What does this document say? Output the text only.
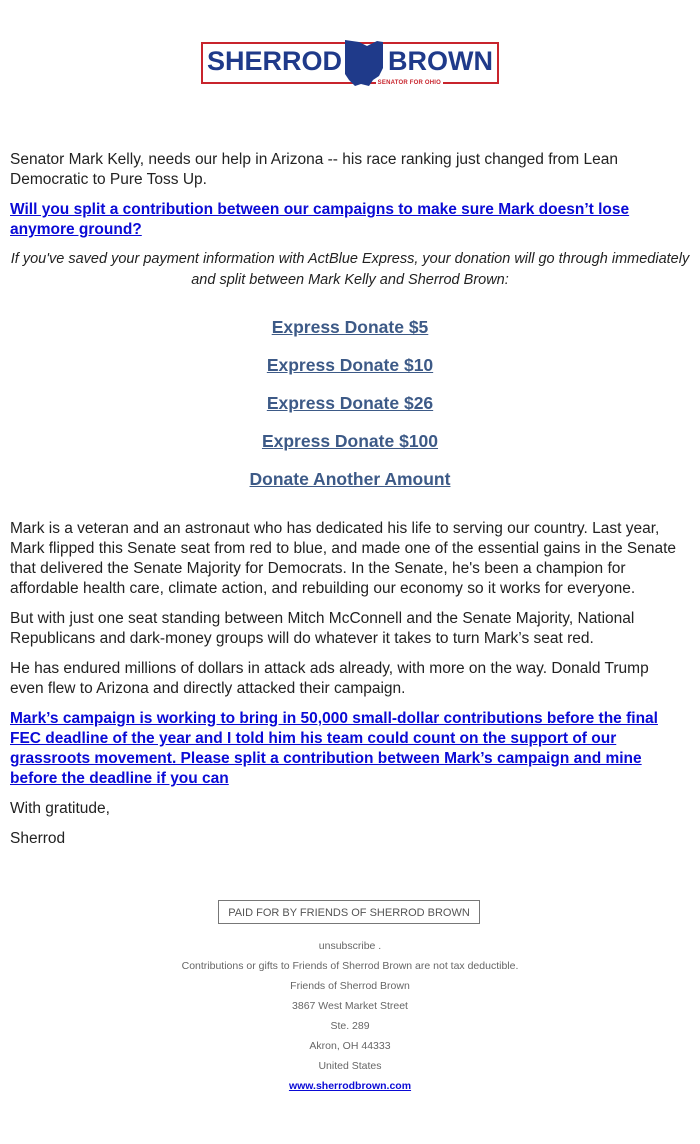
SHERROD BROWN
SENATOR FOR OHIO

Senator Mark Kelly, needs our help in Arizona -- his race ranking just changed from Lean Democratic to Pure Toss Up.

Will you split a contribution between our campaigns to make sure Mark doesn’t lose anymore ground?

If you've saved your payment information with ActBlue Express, your donation will go through immediately and split between Mark Kelly and Sherrod Brown:
Express Donate $5
Express Donate $10
Express Donate $26
Express Donate $100
Donate Another Amount

Mark is a veteran and an astronaut who has dedicated his life to serving our country. Last year, Mark flipped this Senate seat from red to blue, and made one of the essential gains in the Senate that delivered the Senate Majority for Democrats. In the Senate, he's been a champion for affordable health care, climate action, and rebuilding our economy so it works for everyone.

But with just one seat standing between Mitch McConnell and the Senate Majority, National Republicans and dark-money groups will do whatever it takes to turn Mark’s seat red.

He has endured millions of dollars in attack ads already, with more on the way. Donald Trump even flew to Arizona and directly attacked their campaign.

Mark’s campaign is working to bring in 50,000 small-dollar contributions before the final FEC deadline of the year and I told him his team could count on the support of our grassroots movement. Please split a contribution between Mark’s campaign and mine before the deadline if you can

With gratitude,

Sherrod

PAID FOR BY FRIENDS OF SHERROD BROWN
unsubscribe .
Contributions or gifts to Friends of Sherrod Brown are not tax deductible.
Friends of Sherrod Brown
3867 West Market Street
Ste. 289
Akron, OH 44333
United States
www.sherrodbrown.com
